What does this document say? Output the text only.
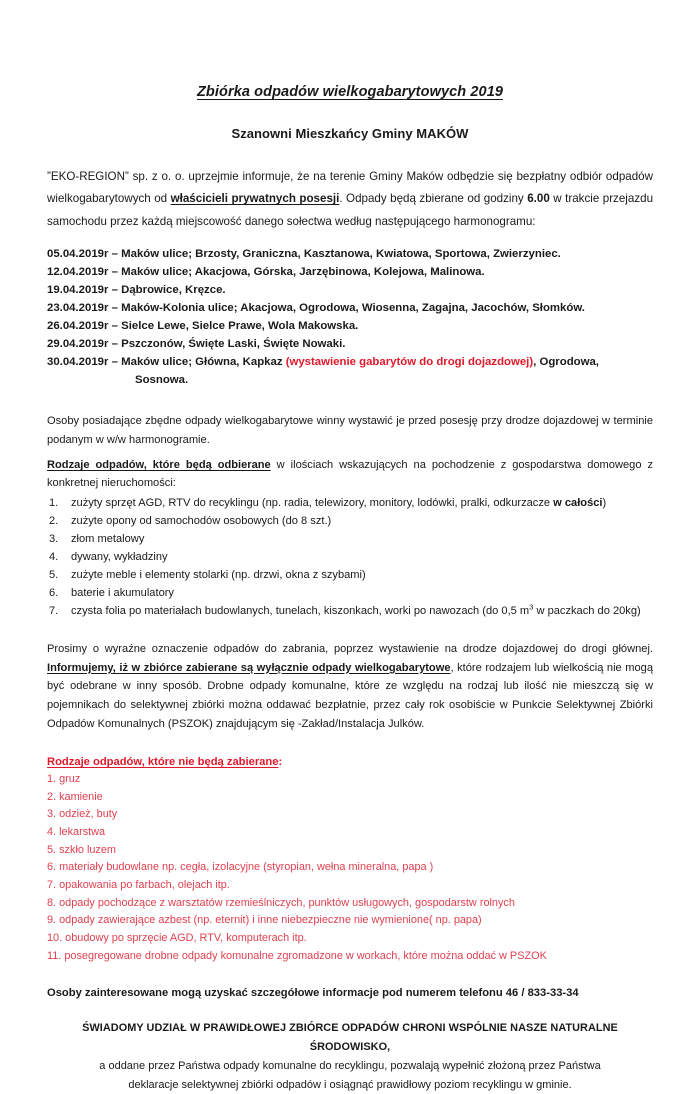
Zbiórka odpadów wielkogabarytowych 2019
Szanowni Mieszkańcy Gminy MAKÓW

”EKO-REGION” sp. z o. o. uprzejmie informuje, że na terenie Gminy Maków odbędzie się bezpłatny odbiór odpadów wielkogabarytowych od właścicieli prywatnych posesji. Odpady będą zbierane od godziny 6.00 w trakcie przejazdu samochodu przez każdą miejscowość danego sołectwa według następującego harmonogramu:

05.04.2019r – Maków ulice; Brzosty, Graniczna, Kasztanowa, Kwiatowa, Sportowa, Zwierzyniec.
12.04.2019r – Maków ulice; Akacjowa, Górska, Jarzębinowa, Kolejowa, Malinowa.
19.04.2019r – Dąbrowice, Kręzce.
23.04.2019r – Maków-Kolonia ulice; Akacjowa, Ogrodowa, Wiosenna, Zagajna, Jacochów, Słomków.
26.04.2019r – Sielce Lewe, Sielce Prawe, Wola Makowska.
29.04.2019r – Pszczonów, Święte Laski, Święte Nowaki.
30.04.2019r – Maków ulice; Główna, Kapkaz (wystawienie gabarytów do drogi dojazdowej), Ogrodowa,
Sosnowa.

Osoby posiadające zbędne odpady wielkogabarytowe winny wystawić je przed posesję przy drodze dojazdowej w terminie podanym w w/w harmonogramie.

Rodzaje odpadów, które będą odbierane w ilościach wskazujących na pochodzenie z gospodarstwa domowego z konkretnej nieruchomości:

1. zużyty sprzęt AGD, RTV do recyklingu (np. radia, telewizory, monitory, lodówki, pralki, odkurzacze w całości)
2. zużyte opony od samochodów osobowych (do 8 szt.)
3. złom metalowy
4. dywany, wykładziny
5. zużyte meble i elementy stolarki (np. drzwi, okna z szybami)
6. baterie i akumulatory
7. czysta folia po materiałach budowlanych, tunelach, kiszonkach, worki po nawozach (do 0,5 $m^3$ w paczkach do 20kg)

Prosimy o wyraźne oznaczenie odpadów do zabrania, poprzez wystawienie na drodze dojazdowej do drogi głównej. Informujemy, iż w zbiórce zabierane są wyłącznie odpady wielkogabarytowe, które rodzajem lub wielkością nie mogą być odebrane w inny sposób. Drobne odpady komunalne, które ze względu na rodzaj lub ilość nie mieszczą się w pojemnikach do selektywnej zbiórki można oddawać bezpłatnie, przez cały rok osobiście w Punkcie Selektywnej Zbiórki Odpadów Komunalnych (PSZOK) znajdującym się -Zakład/Instalacja Julków.

Rodzaje odpadów, które nie będą zabierane:

1. gruz
2. kamienie
3. odzież, buty
4. lekarstwa
5. szkło luzem
6. materiały budowlane np. cegła, izolacyjne (styropian, wełna mineralna, papa )
7. opakowania po farbach, olejach itp.
8. odpady pochodzące z warsztatów rzemieślniczych, punktów usługowych, gospodarstw rolnych
9. odpady zawierające azbest (np. eternit) i inne niebezpieczne nie wymienione( np. papa)
10. obudowy po sprzęcie AGD, RTV, komputerach itp.
11. posegregowane drobne odpady komunalne zgromadzone w workach, które można oddać w PSZOK

Osoby zainteresowane mogą uzyskać szczegółowe informacje pod numerem telefonu 46 / 833-33-34

ŚWIADOMY UDZIAŁ W PRAWIDŁOWEJ ZBIÓRCE ODPADÓW CHRONI WSPÓLNIE NASZE NATURALNE ŚRODOWISKO,
a oddane przez Państwa odpady komunalne do recyklingu, pozwalają wypełnić złożoną przez Państwa
deklaracje selektywnej zbiórki odpadów i osiągnąć prawidłowy poziom recyklingu w gminie.
